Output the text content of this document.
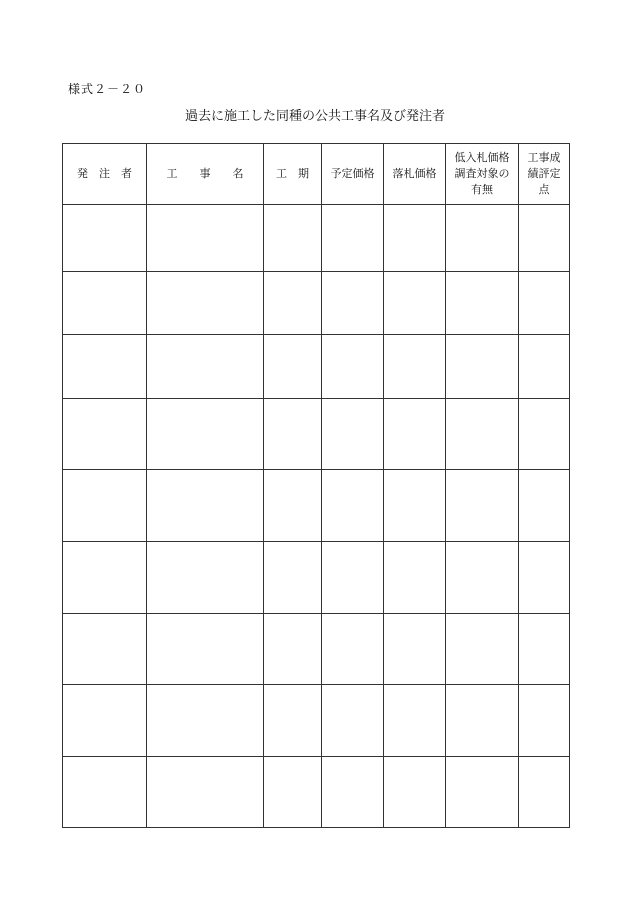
様式２－２０
過去に施工した同種の公共工事名及び発注者
発　注　者	工　　事　　名	工　期	予定価格	落札価格	低入札価格調査対象の有無	工事成績評定点
